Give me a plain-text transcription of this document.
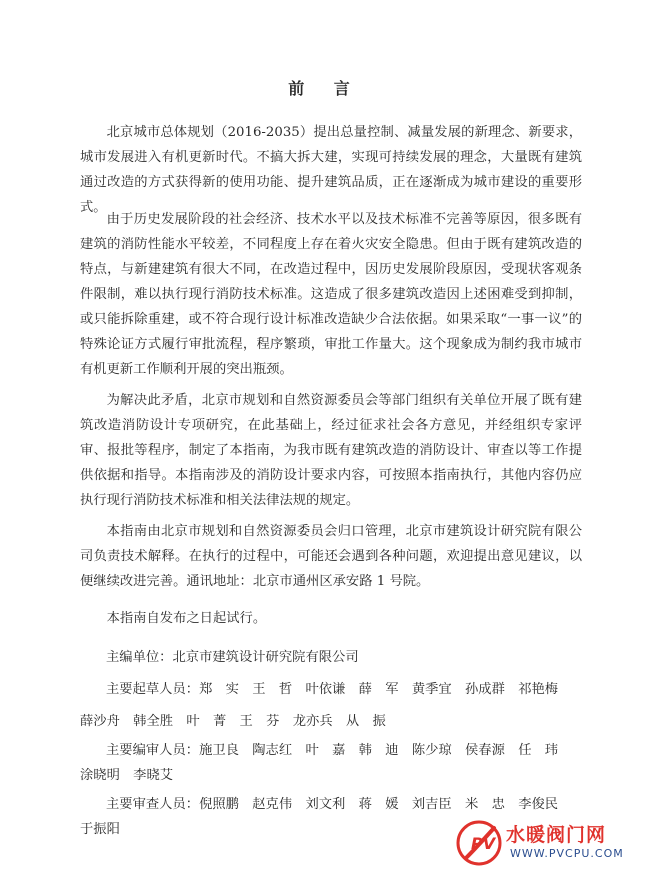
前 言

北京城市总体规划（2016-2035）提出总量控制、减量发展的新理念、新要求，城市发展进入有机更新时代。不搞大拆大建，实现可持续发展的理念，大量既有建筑通过改造的方式获得新的使用功能、提升建筑品质，正在逐渐成为城市建设的重要形式。

由于历史发展阶段的社会经济、技术水平以及技术标准不完善等原因，很多既有建筑的消防性能水平较差，不同程度上存在着火灾安全隐患。但由于既有建筑改造的特点，与新建建筑有很大不同，在改造过程中，因历史发展阶段原因，受现状客观条件限制，难以执行现行消防技术标准。这造成了很多建筑改造因上述困难受到抑制，或只能拆除重建，或不符合现行设计标准改造缺少合法依据。如果采取“一事一议”的特殊论证方式履行审批流程，程序繁琐，审批工作量大。这个现象成为制约我市城市有机更新工作顺利开展的突出瓶颈。

为解决此矛盾，北京市规划和自然资源委员会等部门组织有关单位开展了既有建筑改造消防设计专项研究，在此基础上，经过征求社会各方意见，并经组织专家评审、报批等程序，制定了本指南，为我市既有建筑改造的消防设计、审查以等工作提供依据和指导。本指南涉及的消防设计要求内容，可按照本指南执行，其他内容仍应执行现行消防技术标准和相关法律法规的规定。

本指南由北京市规划和自然资源委员会归口管理，北京市建筑设计研究院有限公司负责技术解释。在执行的过程中，可能还会遇到各种问题，欢迎提出意见建议，以便继续改进完善。通讯地址：北京市通州区承安路 1 号院。

本指南自发布之日起试行。

主编单位：北京市建筑设计研究院有限公司
主要起草人员：郑　实　王　哲　叶依谦　薛　军　黄季宜　孙成群　祁艳梅
薛沙舟　韩全胜　叶　菁　王　芬　龙亦兵　从　振
主要编审人员：施卫良　陶志红　叶　嘉　韩　迪　陈少琼　侯春源　任　玮
涂晓明　李晓艾
主要审查人员：倪照鹏　赵克伟　刘文利　蒋　媛　刘吉臣　米　忠　李俊民
于振阳
PV 水暖阀门网
WWW.PVCPU.COM
